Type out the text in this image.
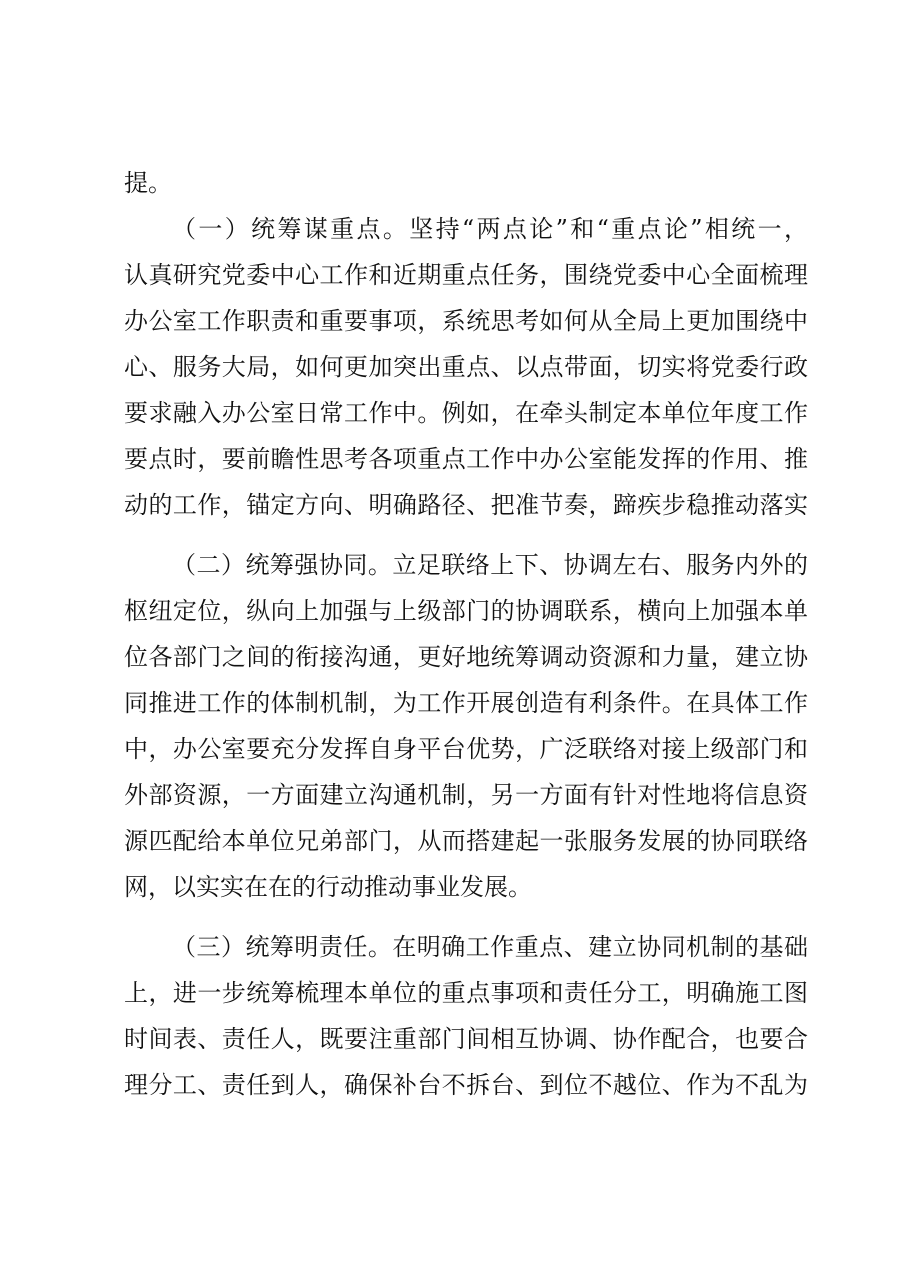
提。

（一）统筹谋重点。坚持“两点论”和“重点论”相统一，

认真研究党委中心工作和近期重点任务，围绕党委中心全面梳理

办公室工作职责和重要事项，系统思考如何从全局上更加围绕中

心、服务大局，如何更加突出重点、以点带面，切实将党委行政

要求融入办公室日常工作中。例如，在牵头制定本单位年度工作

要点时，要前瞻性思考各项重点工作中办公室能发挥的作用、推

动的工作，锚定方向、明确路径、把准节奏，蹄疾步稳推动落实

（二）统筹强协同。立足联络上下、协调左右、服务内外的

枢纽定位，纵向上加强与上级部门的协调联系，横向上加强本单

位各部门之间的衔接沟通，更好地统筹调动资源和力量，建立协

同推进工作的体制机制，为工作开展创造有利条件。在具体工作

中，办公室要充分发挥自身平台优势，广泛联络对接上级部门和

外部资源，一方面建立沟通机制，另一方面有针对性地将信息资

源匹配给本单位兄弟部门，从而搭建起一张服务发展的协同联络

网，以实实在在的行动推动事业发展。

（三）统筹明责任。在明确工作重点、建立协同机制的基础

上，进一步统筹梳理本单位的重点事项和责任分工，明确施工图

时间表、责任人，既要注重部门间相互协调、协作配合，也要合

理分工、责任到人，确保补台不拆台、到位不越位、作为不乱为
